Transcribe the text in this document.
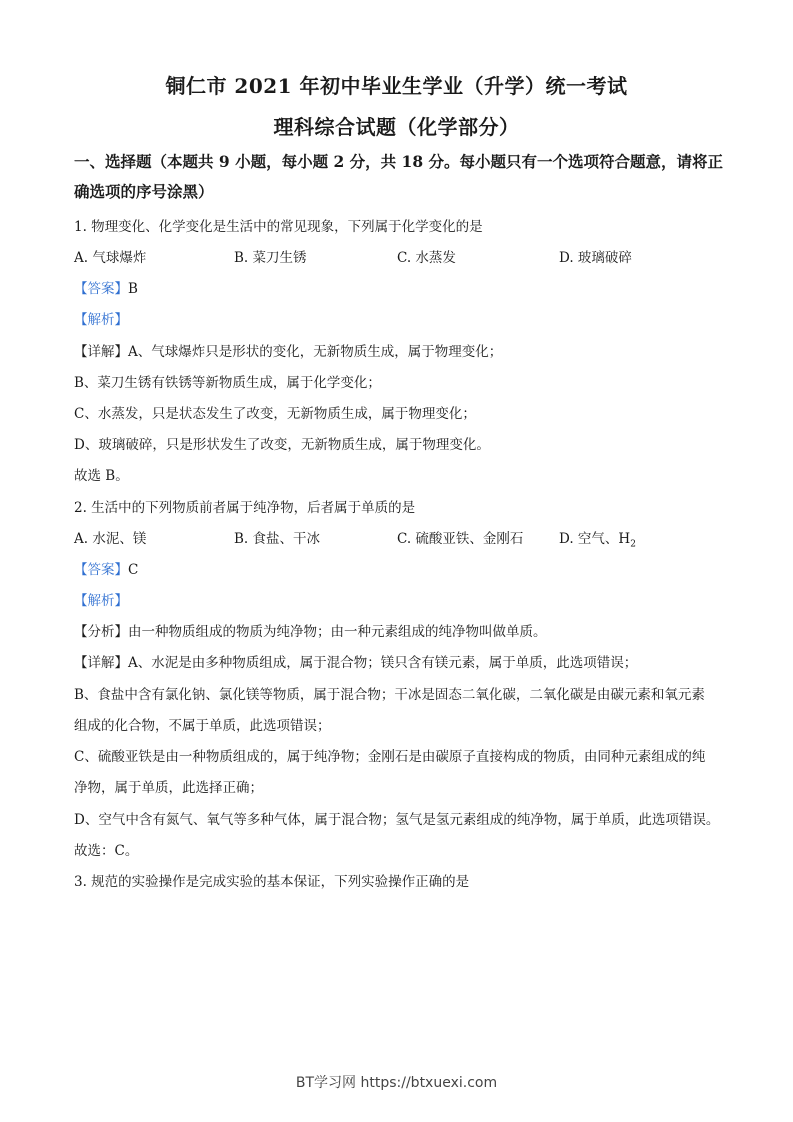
铜仁市 2021 年初中毕业生学业（升学）统一考试
理科综合试题（化学部分）
一、选择题（本题共 9 小题，每小题 2 分，共 18 分。每小题只有一个选项符合题意，请将正
确选项的序号涂黑）
1. 物理变化、化学变化是生活中的常见现象，下列属于化学变化的是
A. 气球爆炸	B. 菜刀生锈	C. 水蒸发	D. 玻璃破碎
【答案】B
【解析】
【详解】A、气球爆炸只是形状的变化，无新物质生成，属于物理变化；
B、菜刀生锈有铁锈等新物质生成，属于化学变化；
C、水蒸发，只是状态发生了改变，无新物质生成，属于物理变化；
D、玻璃破碎，只是形状发生了改变，无新物质生成，属于物理变化。
故选 B。
2. 生活中的下列物质前者属于纯净物，后者属于单质的是
A. 水泥、镁	B. 食盐、干冰	C. 硫酸亚铁、金刚石	D. 空气、$H_2$
【答案】C
【解析】
【分析】由一种物质组成的物质为纯净物；由一种元素组成的纯净物叫做单质。
【详解】A、水泥是由多种物质组成，属于混合物；镁只含有镁元素，属于单质，此选项错误；
B、食盐中含有氯化钠、氯化镁等物质，属于混合物；干冰是固态二氧化碳，二氧化碳是由碳元素和氧元素
组成的化合物，不属于单质，此选项错误；
C、硫酸亚铁是由一种物质组成的，属于纯净物；金刚石是由碳原子直接构成的物质，由同种元素组成的纯
净物，属于单质，此选择正确；
D、空气中含有氮气、氧气等多种气体，属于混合物；氢气是氢元素组成的纯净物，属于单质，此选项错误。
故选：C。
3. 规范的实验操作是完成实验的基本保证，下列实验操作正确的是
BT学习网 https://btxuexi.com
